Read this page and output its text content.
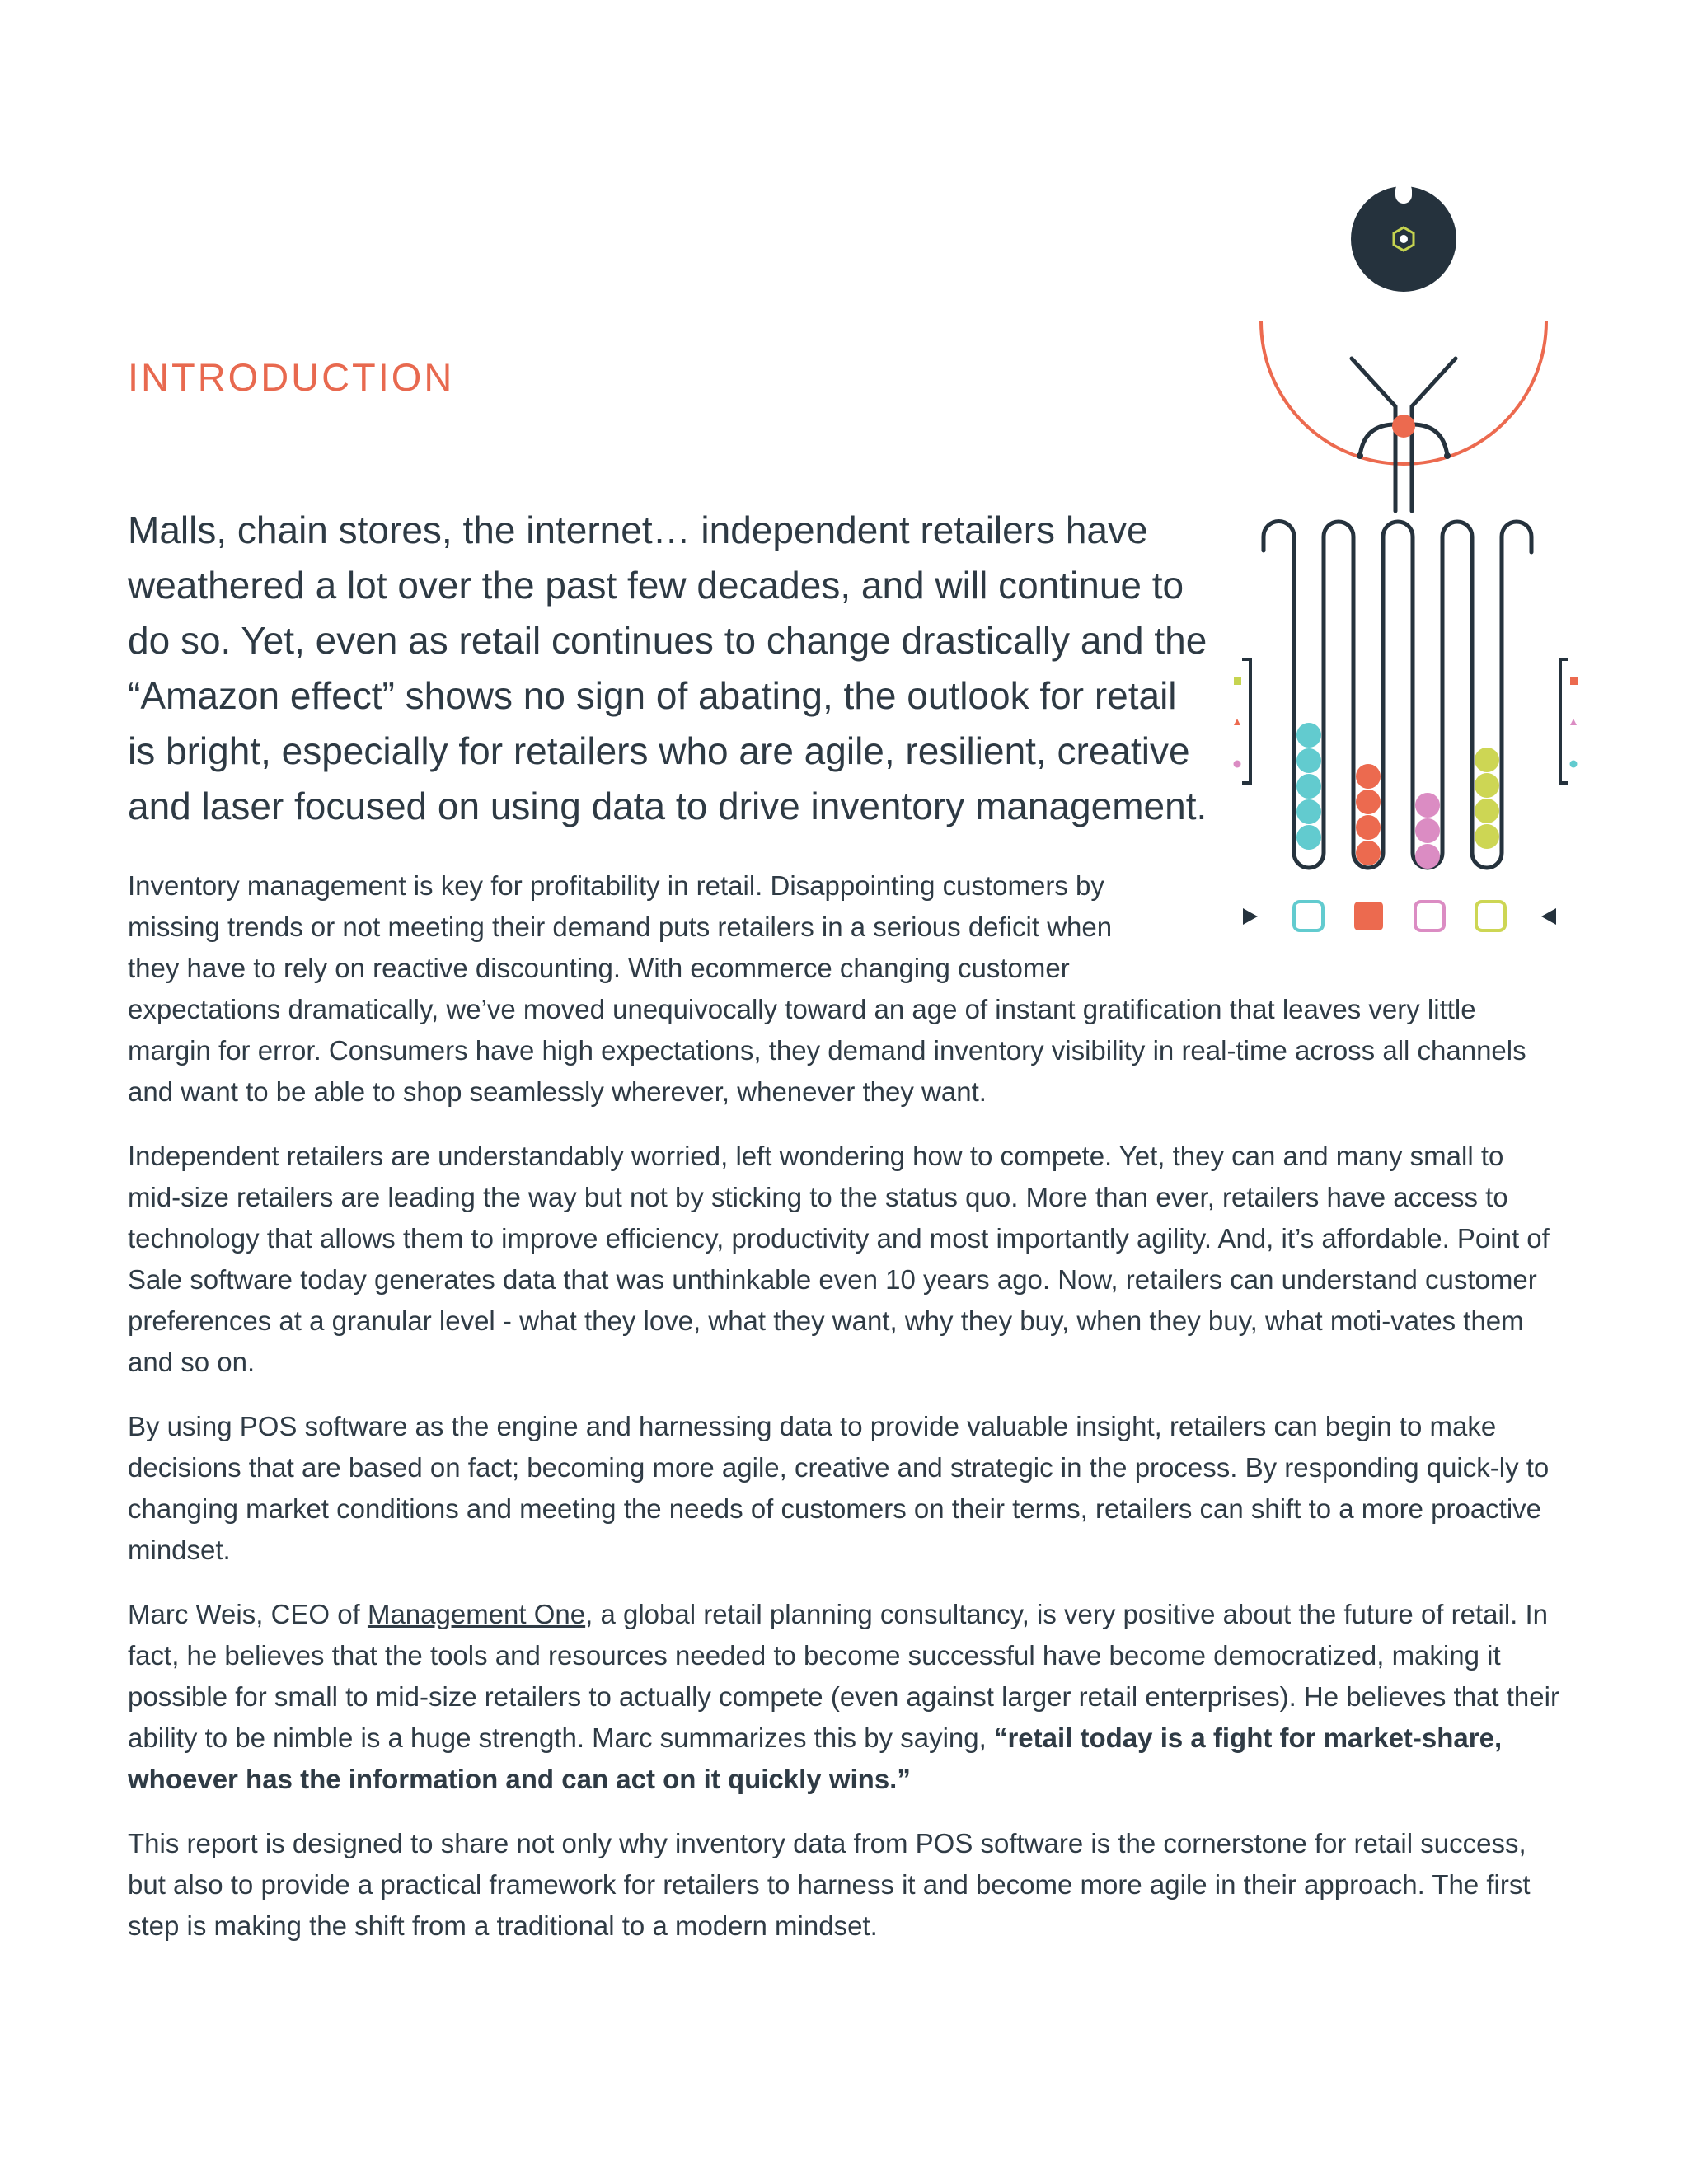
INTRODUCTION

Malls, chain stores, the internet… independent retailers have weathered a lot over the past few decades, and will continue to do so. Yet, even as retail continues to change drastically and the “Amazon effect” shows no sign of abating, the outlook for retail is bright, especially for retailers who are agile, resilient, creative and laser focused on using data to drive inventory management.

Inventory management is key for profitability in retail. Disappointing customers by missing trends or not meeting their demand puts retailers in a serious deficit when they have to rely on reactive discounting. With ecommerce changing customer expectations dramatically, we’ve moved unequivocally toward an age of instant gratification that leaves very little margin for error. Consumers have high expectations, they demand inventory visibility in real-time across all channels and want to be able to shop seamlessly wherever, whenever they want.

Independent retailers are understandably worried, left wondering how to compete. Yet, they can and many small to mid-size retailers are leading the way but not by sticking to the status quo. More than ever, retailers have access to technology that allows them to improve efficiency, productivity and most importantly agility. And, it’s affordable. Point of Sale software today generates data that was unthinkable even 10 years ago. Now, retailers can understand customer preferences at a granular level - what they love, what they want, why they buy, when they buy, what moti-vates them and so on.

By using POS software as the engine and harnessing data to provide valuable insight, retailers can begin to make decisions that are based on fact; becoming more agile, creative and strategic in the process. By responding quick-ly to changing market conditions and meeting the needs of customers on their terms, retailers can shift to a more proactive mindset.

Marc Weis, CEO of Management One, a global retail planning consultancy, is very positive about the future of retail. In fact, he believes that the tools and resources needed to become successful have become democratized, making it possible for small to mid-size retailers to actually compete (even against larger retail enterprises). He believes that their ability to be nimble is a huge strength. Marc summarizes this by saying, “retail today is a fight for market-share, whoever has the information and can act on it quickly wins.”

This report is designed to share not only why inventory data from POS software is the cornerstone for retail success, but also to provide a practical framework for retailers to harness it and become more agile in their approach. The first step is making the shift from a traditional to a modern mindset.
